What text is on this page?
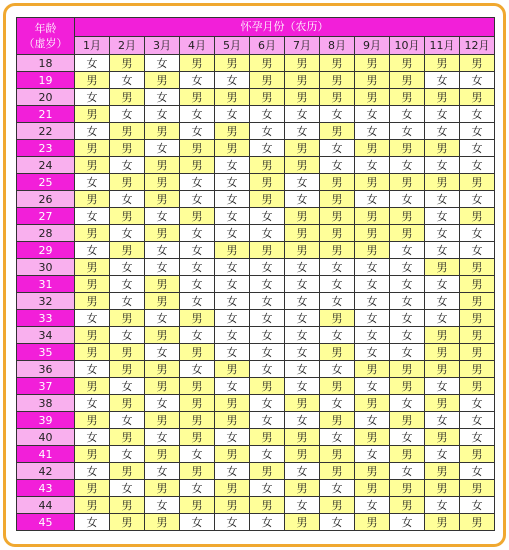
年龄
（虚岁）	怀孕月份（农历）											
	1月	2月	3月	4月	5月	6月	7月	8月	9月	10月	11月	12月
18	女	男	女	男	男	男	男	男	男	男	男	男
19	男	女	男	女	女	男	男	男	男	男	女	女
20	女	男	女	男	男	男	男	男	男	男	男	男
21	男	女	女	女	女	女	女	女	女	女	女	女
22	女	男	男	女	男	女	女	男	女	女	女	女
23	男	男	女	男	男	女	男	女	男	男	男	女
24	男	女	男	男	女	男	男	女	女	女	女	女
25	女	男	男	女	女	男	女	男	男	男	男	男
26	男	女	男	女	女	男	女	男	女	女	女	女
27	女	男	女	男	女	女	男	男	男	男	女	男
28	男	女	男	女	女	女	男	男	男	男	女	女
29	女	男	女	女	男	男	男	男	男	女	女	女
30	男	女	女	女	女	女	女	女	女	女	男	男
31	男	女	男	女	女	女	女	女	女	女	女	男
32	男	女	男	女	女	女	女	女	女	女	女	男
33	女	男	女	男	女	女	女	男	女	女	女	男
34	男	女	男	女	女	女	女	女	女	女	男	男
35	男	男	女	男	女	女	女	男	女	女	男	男
36	女	男	男	女	男	女	女	女	男	男	男	男
37	男	女	男	男	女	男	女	男	女	男	女	男
38	女	男	女	男	男	女	男	女	男	女	男	女
39	男	女	男	男	男	女	女	男	女	男	女	女
40	女	男	女	男	女	男	男	女	男	女	男	女
41	男	女	男	女	男	女	男	男	女	男	女	男
42	女	男	女	男	女	男	女	男	男	女	男	女
43	男	女	男	女	男	女	男	女	男	男	男	男
44	男	男	女	男	男	男	女	男	女	男	女	女
45	女	男	男	女	女	女	男	女	男	女	男	男
